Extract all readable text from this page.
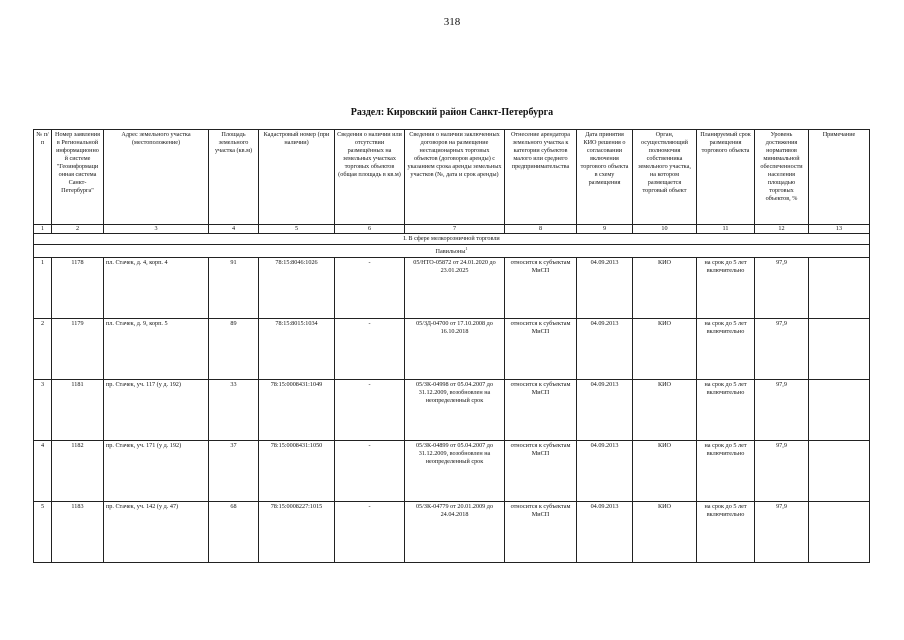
318
Раздел: Кировский район Санкт-Петербурга
№ п/п	Номер заявления в Региональной информационно й системе "Геоинформаци онная система Санкт-Петербурга"	Адрес земельного участка (местоположение)	Площадь земельного участка (кв.м)	Кадастровый номер (при наличии)	Сведения о наличии или отсутствии размещённых на земельных участках торговых объектов (общая площадь в кв.м)	Сведения о наличии заключенных договоров на размещение нестационарных торговых объектов (договоров аренды) с указанием срока аренды земельных участков (№, дата и срок аренды)	Отнесение арендатора земельного участка к категории субъектов малого или среднего предпринимательства	Дата принятия КИО решения о согласовании включения торгового объекта в схему размещения	Орган, осуществляющий полномочия собственника земельного участка, на котором размещается торговый объект	Планируемый срок размещения торгового объекта	Уровень достижения нормативов минимальной обеспеченности населения площадью торговых объектов, %	Примечание
1	2	3	4	5	6	7	8	9	10	11	12	13
I. В сфере мелкорозничной торговли												
Павильоны$^1$
1	1178	пл. Стачек, д. 4, корп. 4	91	78:15:8046:1026	-	05/НТО-05872 от 24.01.2020 до 23.01.2025	относится к субъектам МиСП	04.09.2013	КИО	на срок до 5 лет включительно	97,9	
2	1179	пл. Стачек, д. 9, корп. 5	89	78:15:8015:1034	-	05/ЗД-04700 от 17.10.2008 до 16.10.2018	относится к субъектам МиСП	04.09.2013	КИО	на срок до 5 лет включительно	97,9	
3	1181	пр. Стачек, уч. 117 (у д. 192)	33	78:15:0008431:1049	-	05/ЗК-04998 от 05.04.2007 до 31.12.2009, возобновлен на неопределенный срок	относится к субъектам МиСП	04.09.2013	КИО	на срок до 5 лет включительно	97,9	
4	1182	пр. Стачек, уч. 171 (у д. 192)	37	78:15:0008431:1050	-	05/ЗК-04899 от 05.04.2007 до 31.12.2009, возобновлен на неопределенный срок	относится к субъектам МиСП	04.09.2013	КИО	на срок до 5 лет включительно	97,9	
5	1183	пр. Стачек, уч. 142 (у д. 47)	68	78:15:0008227:1015	-	05/ЗК-04779 от 20.01.2009 до 24.04.2018	относится к субъектам МиСП	04.09.2013	КИО	на срок до 5 лет включительно	97,9	
